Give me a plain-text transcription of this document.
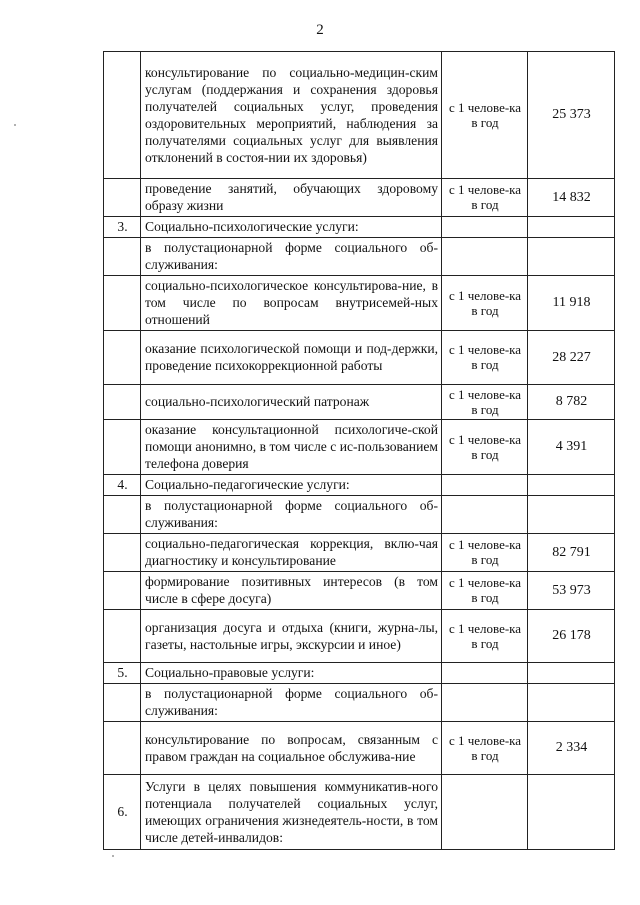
2
	консультирование по социально-медицин-ским услугам (поддержания и сохранения здоровья получателей социальных услуг, проведения оздоровительных мероприятий, наблюдения за получателями социальных услуг для выявления отклонений в состоя-нии их здоровья)	с 1 челове-ка в год	25 373
	проведение занятий, обучающих здоровому образу жизни	с 1 челове-ка в год	14 832
3.	Социально-психологические услуги:		
	в полустационарной форме социального об-служивания:		
	социально-психологическое консультирова-ние, в том числе по вопросам внутрисемей-ных отношений	с 1 челове-ка в год	11 918
	оказание психологической помощи и под-держки, проведение психокоррекционной работы	с 1 челове-ка в год	28 227
	социально-психологический патронаж	с 1 челове-ка в год	8 782
	оказание консультационной психологиче-ской помощи анонимно, в том числе с ис-пользованием телефона доверия	с 1 челове-ка в год	4 391
4.	Социально-педагогические услуги:		
	в полустационарной форме социального об-служивания:		
	социально-педагогическая коррекция, вклю-чая диагностику и консультирование	с 1 челове-ка в год	82 791
	формирование позитивных интересов (в том числе в сфере досуга)	с 1 челове-ка в год	53 973
	организация досуга и отдыха (книги, журна-лы, газеты, настольные игры, экскурсии и иное)	с 1 челове-ка в год	26 178
5.	Социально-правовые услуги:		
	в полустационарной форме социального об-служивания:		
	консультирование по вопросам, связанным с правом граждан на социальное обслужива-ние	с 1 челове-ка в год	2 334
6.	Услуги в целях повышения коммуникатив-ного потенциала получателей социальных услуг, имеющих ограничения жизнедеятель-ности, в том числе детей-инвалидов:		
